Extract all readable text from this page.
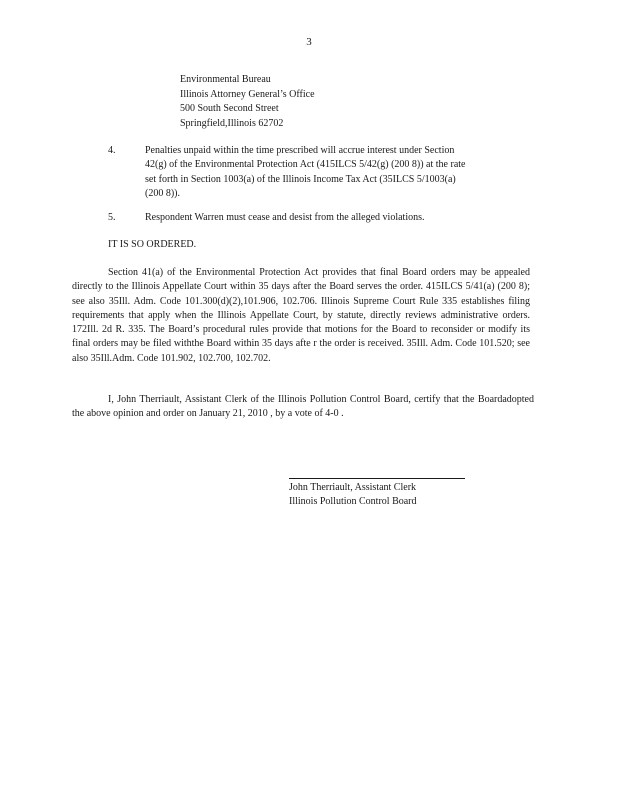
3
Environmental Bureau
Illinois Attorney General’s Office
500 South Second Street
Springfield,Illinois 62702
4.	Penalties unpaid within the time prescribed will accrue interest under Section
42(g) of the Environmental Protection Act (415ILCS 5/42(g) (200 8)) at the rate
set forth in Section 1003(a) of the Illinois Income Tax Act (35ILCS 5/1003(a)
(200 8)).
5.	Respondent Warren must cease and desist from the alleged violations.
IT IS SO ORDERED.
Section 41(a) of the Environmental Protection Act provides that final Board orders may be appealed directly to the Illinois Appellate Court within 35 days after the Board serves the order. 415ILCS 5/41(a) (200 8); see also 35Ill. Adm. Code 101.300(d)(2),101.906, 102.706. Illinois Supreme Court Rule 335 establishes filing requirements that apply when the Illinois Appellate Court, by statute, directly reviews administrative orders. 172Ill. 2d R. 335. The Board’s procedural rules provide that motions for the Board to reconsider or modify its final orders may be filed withthe Board within 35 days afte r the order is received. 35Ill. Adm. Code 101.520; see also 35Ill.Adm. Code 101.902, 102.700, 102.702.
I, John Therriault, Assistant Clerk of the Illinois Pollution Control Board, certify that the Boardadopted the above opinion and order on January 21, 2010 , by a vote of 4-0 .
John Therriault, Assistant Clerk
Illinois Pollution Control Board
